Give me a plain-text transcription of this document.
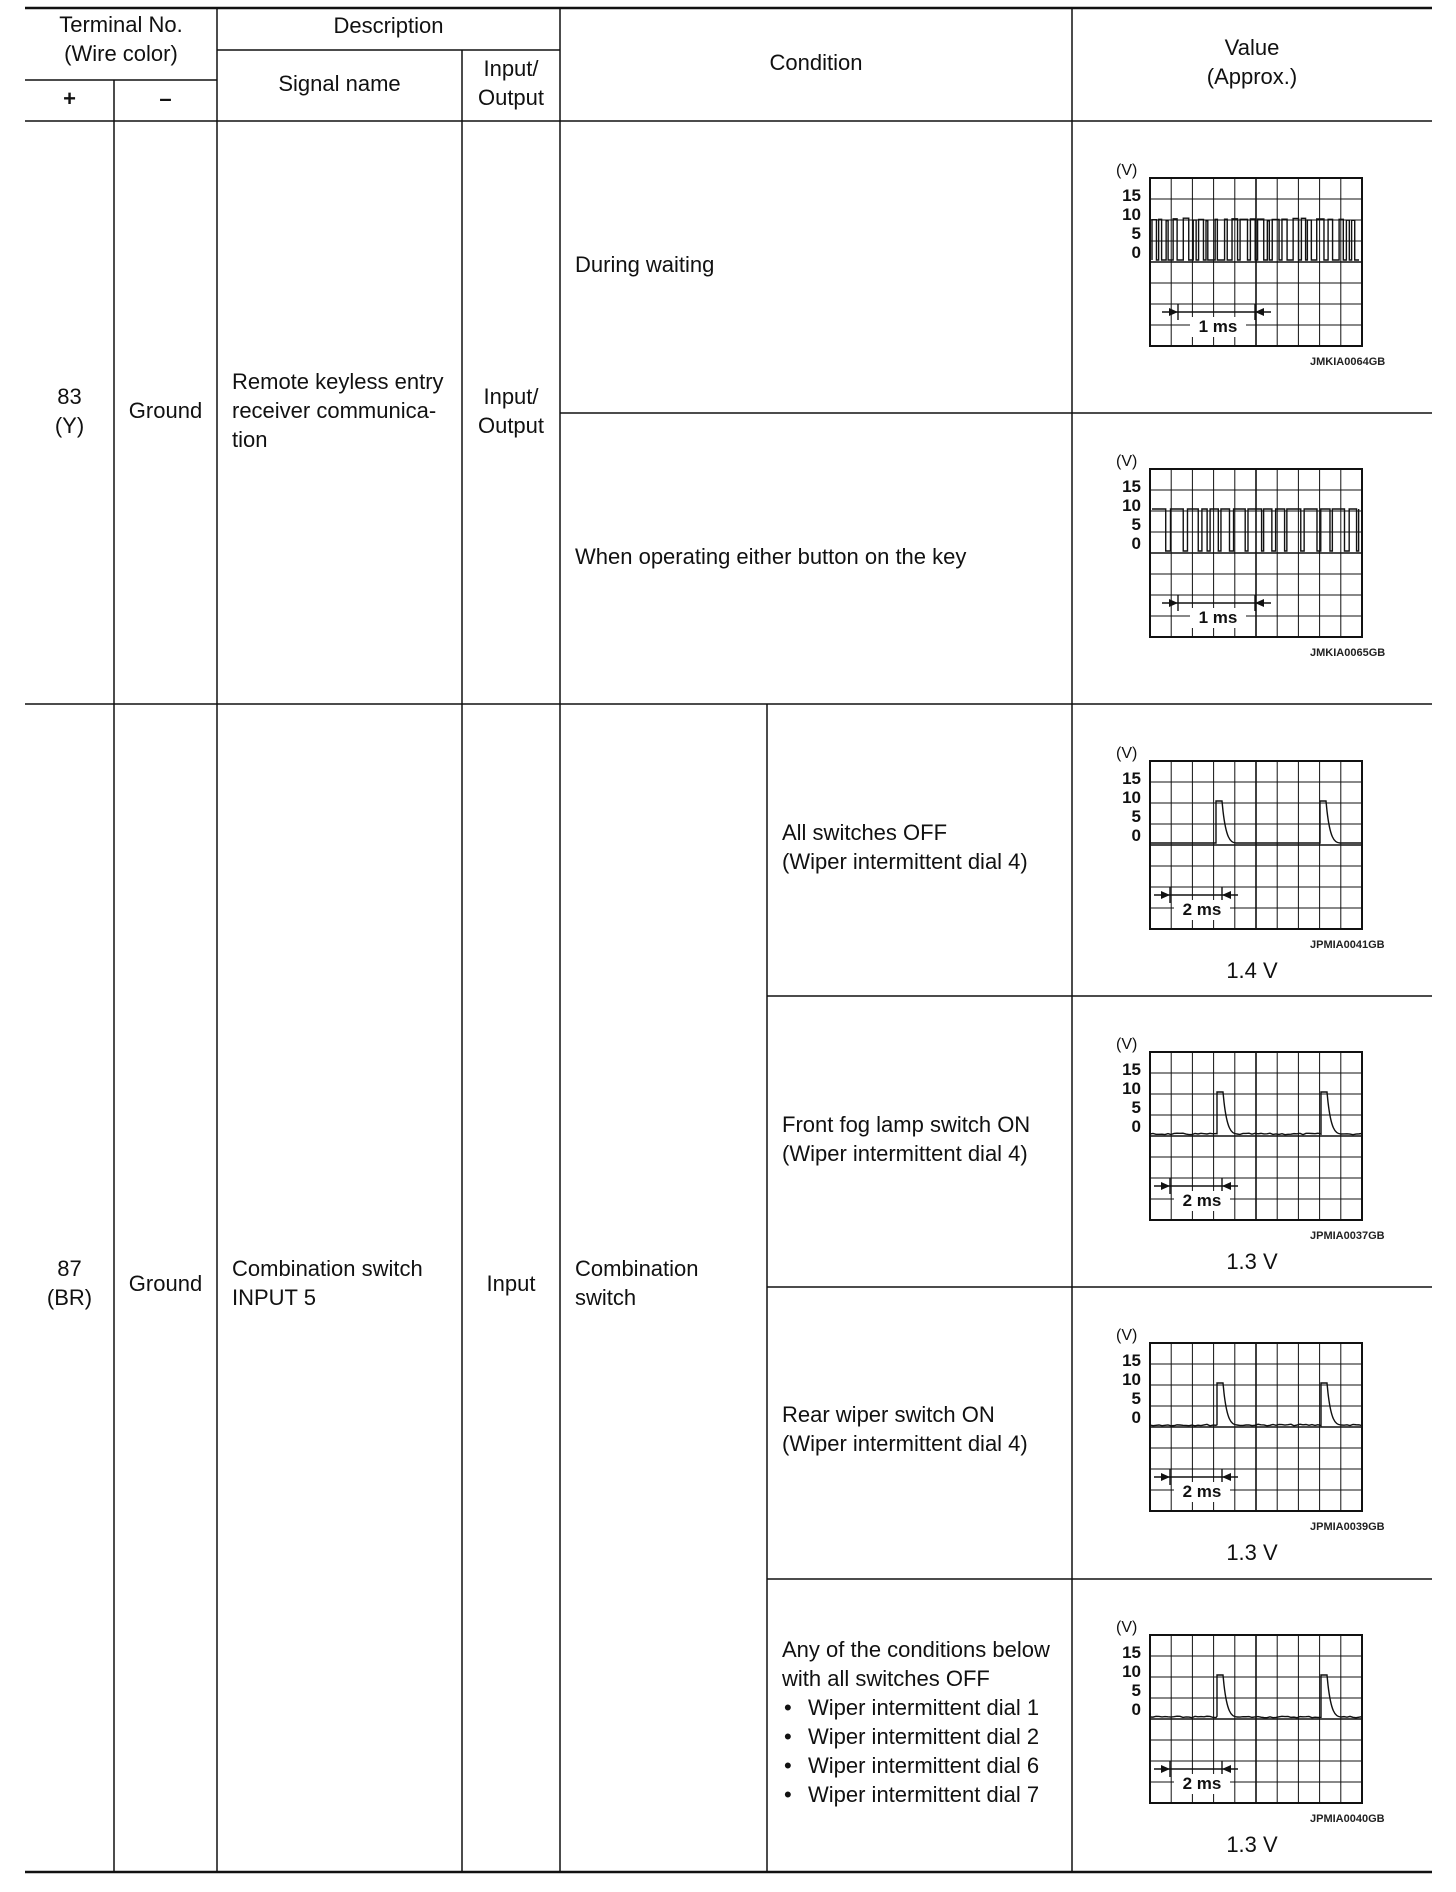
Terminal No.
(Wire color)
+	–
Description
Signal name
Input/
Output
Condition
Value
(Approx.)
83
(Y)
Ground
Remote keyless entry
receiver communica-
tion
Input/
Output
During waiting
When operating either button on the key
87
(BR)
Ground
Combination switch
INPUT 5
Input
Combination
switch
All switches OFF
(Wiper intermittent dial 4)
Front fog lamp switch ON
(Wiper intermittent dial 4)
Rear wiper switch ON
(Wiper intermittent dial 4)
Any of the conditions below
with all switches OFF
• Wiper intermittent dial 1
• Wiper intermittent dial 2
• Wiper intermittent dial 6
• Wiper intermittent dial 7
(V)
15
10
5
0
1 ms
(V)
15
10
5
0
1 ms
(V)
15
10
5
0
2 ms
(V)
15
10
5
0
2 ms
(V)
15
10
5
0
2 ms
(V)
15
10
5
0
2 ms
JMKIA0064GB
JMKIA0065GB
JPMIA0041GB
JPMIA0037GB
JPMIA0039GB
JPMIA0040GB
1.4 V
1.3 V
1.3 V
1.3 V
